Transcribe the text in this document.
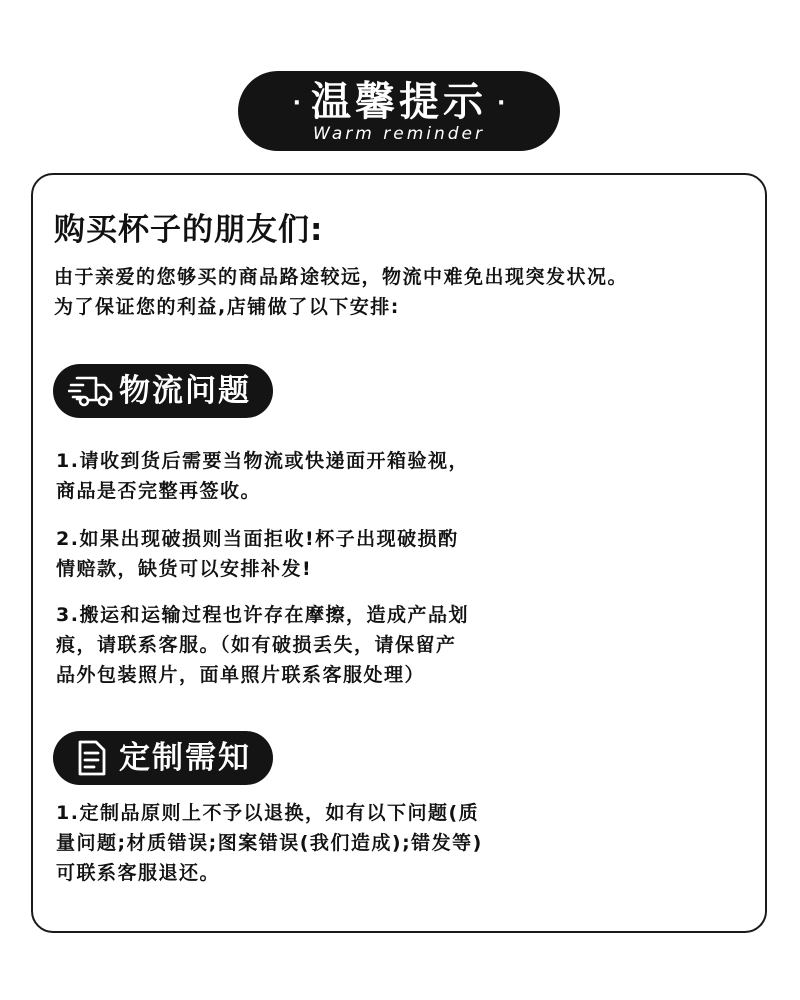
· 温馨提示 ·
Warm reminder
购买杯子的朋友们:

由于亲爱的您够买的商品路途较远，物流中难免出现突发状况。
为了保证您的利益,店铺做了以下安排:

物流问题

1.请收到货后需要当物流或快递面开箱验视，
商品是否完整再签收。

2.如果出现破损则当面拒收!杯子出现破损酌
情赔款，缺货可以安排补发!

3.搬运和运输过程也许存在摩擦，造成产品划
痕，请联系客服。（如有破损丢失，请保留产
品外包装照片，面单照片联系客服处理）

定制需知

1.定制品原则上不予以退换，如有以下问题(质
量问题;材质错误;图案错误(我们造成);错发等)
可联系客服退还。
